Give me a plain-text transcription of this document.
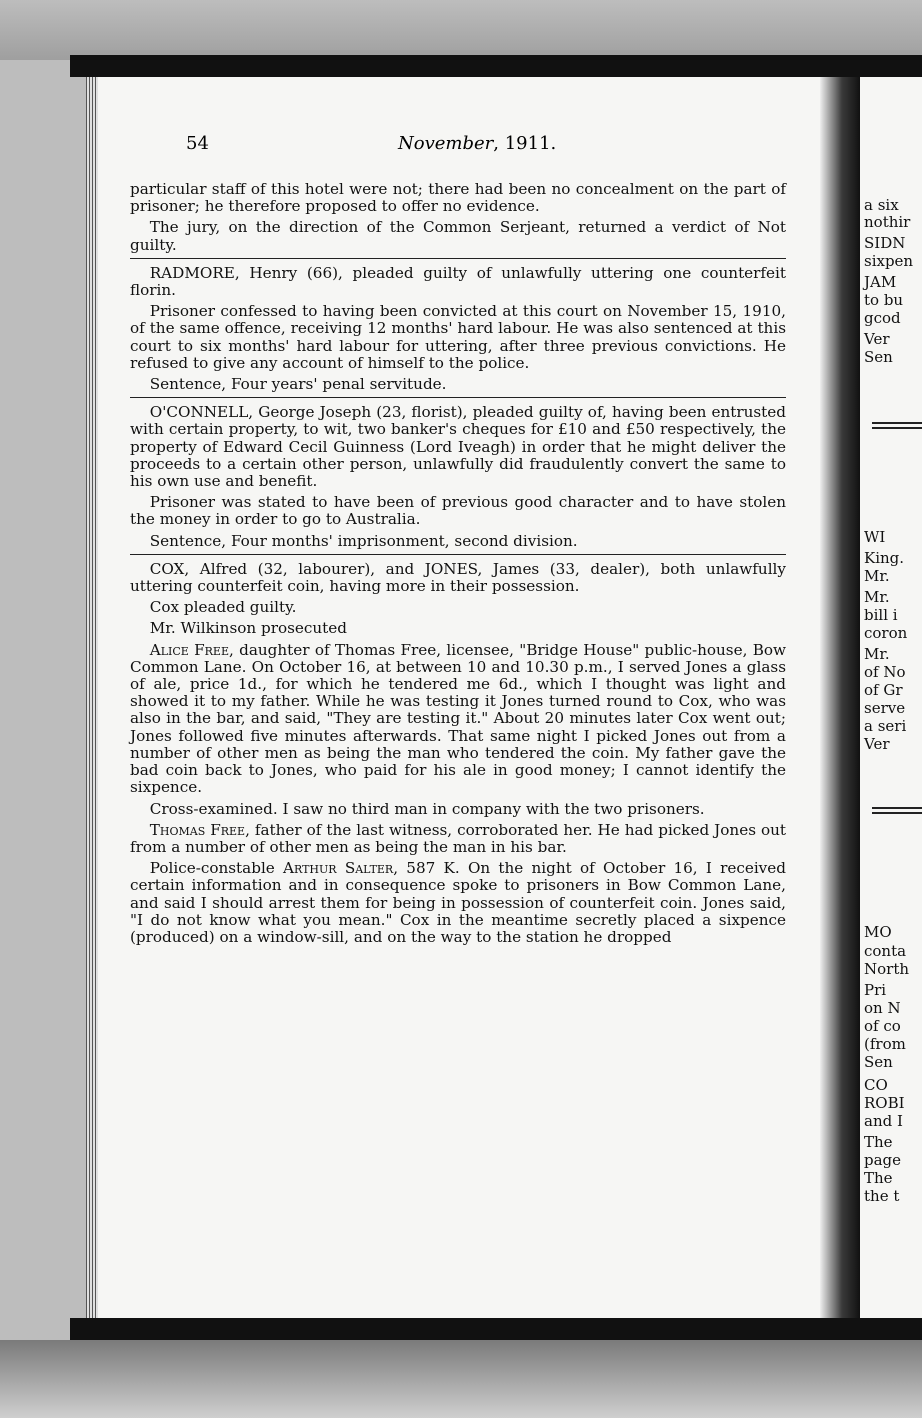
54	November, 1911.

particular staff of this hotel were not; there had been no concealment on the part of prisoner; he therefore proposed to offer no evidence.

The jury, on the direction of the Common Serjeant, returned a verdict of Not guilty.

RADMORE, Henry (66), pleaded guilty of unlawfully uttering one counterfeit florin.

Prisoner confessed to having been convicted at this court on November 15, 1910, of the same offence, receiving 12 months' hard labour. He was also sentenced at this court to six months' hard labour for uttering, after three previous convictions. He refused to give any account of himself to the police.

Sentence, Four years' penal servitude.

O'CONNELL, George Joseph (23, florist), pleaded guilty of, having been entrusted with certain property, to wit, two banker's cheques for £10 and £50 respectively, the property of Edward Cecil Guinness (Lord Iveagh) in order that he might deliver the proceeds to a certain other person, unlawfully did fraudulently convert the same to his own use and benefit.

Prisoner was stated to have been of previous good character and to have stolen the money in order to go to Australia.

Sentence, Four months' imprisonment, second division.

COX, Alfred (32, labourer), and JONES, James (33, dealer), both unlawfully uttering counterfeit coin, having more in their possession.

Cox pleaded guilty.

Mr. Wilkinson prosecuted

Alice Free, daughter of Thomas Free, licensee, "Bridge House" public-house, Bow Common Lane. On October 16, at between 10 and 10.30 p.m., I served Jones a glass of ale, price 1d., for which he tendered me 6d., which I thought was light and showed it to my father. While he was testing it Jones turned round to Cox, who was also in the bar, and said, "They are testing it." About 20 minutes later Cox went out; Jones followed five minutes afterwards. That same night I picked Jones out from a number of other men as being the man who tendered the coin. My father gave the bad coin back to Jones, who paid for his ale in good money; I cannot identify the sixpence.

Cross-examined. I saw no third man in company with the two prisoners.

Thomas Free, father of the last witness, corroborated her. He had picked Jones out from a number of other men as being the man in his bar.

Police-constable Arthur Salter, 587 K. On the night of October 16, I received certain information and in consequence spoke to prisoners in Bow Common Lane, and said I should arrest them for being in possession of counterfeit coin. Jones said, "I do not know what you mean." Cox in the meantime secretly placed a sixpence (produced) on a window-sill, and on the way to the station he dropped

a six
nothir
SIDN
sixpen
JAM
to bu
gcod
Ver
Sen
WI
King.
Mr.
Mr.
bill i
coron
Mr.
of No
of Gr
serve
a seri
Ver
MO
conta
North
Pri
on N
of co
(from
Sen
CO
ROBI
and I
The
page
The
the t
